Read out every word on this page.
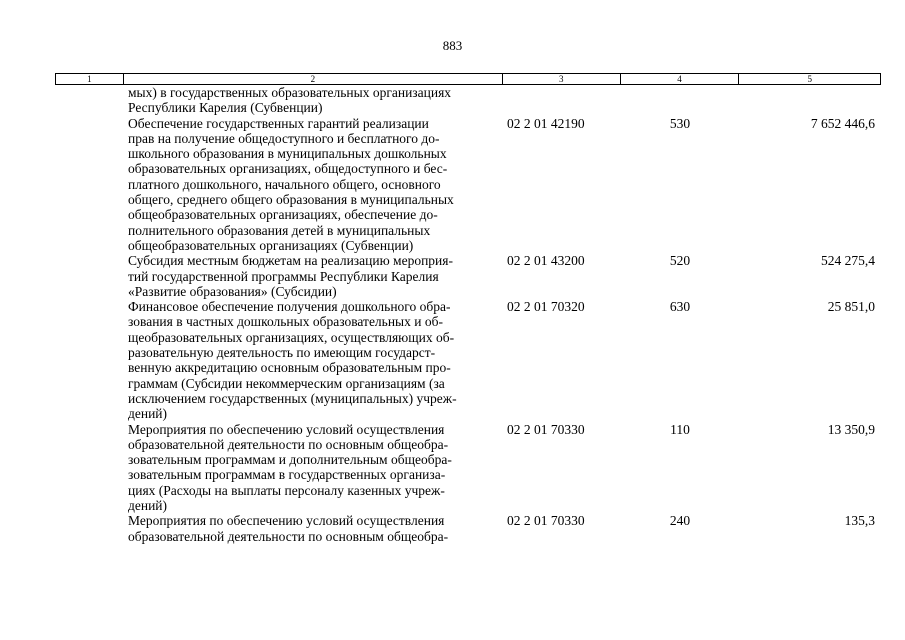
883
1	2	3	4	5
мых) в государственных образовательных организациях
Республики Карелия (Субвенции)
Обеспечение государственных гарантий реализации
прав на получение общедоступного и бесплатного до-
школьного образования в муниципальных дошкольных
образовательных организациях, общедоступного и бес-
платного дошкольного, начального общего, основного
общего, среднего общего образования в муниципальных
общеобразовательных организациях, обеспечение до-
полнительного образования детей в муниципальных
общеобразовательных организациях (Субвенции)
02 2 01 42190	530	7 652 446,6
Субсидия местным бюджетам на реализацию мероприя-
тий государственной программы Республики Карелия
«Развитие образования» (Субсидии)
02 2 01 43200	520	524 275,4
Финансовое обеспечение получения дошкольного обра-
зования в частных дошкольных образовательных и об-
щеобразовательных организациях, осуществляющих об-
разовательную деятельность по имеющим государст-
венную аккредитацию основным образовательным про-
граммам (Субсидии некоммерческим организациям (за
исключением государственных (муниципальных) учреж-
дений)
02 2 01 70320	630	25 851,0
Мероприятия по обеспечению условий осуществления
образовательной деятельности по основным общеобра-
зовательным программам и дополнительным общеобра-
зовательным программам в государственных организа-
циях (Расходы на выплаты персоналу казенных учреж-
дений)
02 2 01 70330	110	13 350,9
Мероприятия по обеспечению условий осуществления
образовательной деятельности по основным общеобра-
02 2 01 70330	240	135,3
